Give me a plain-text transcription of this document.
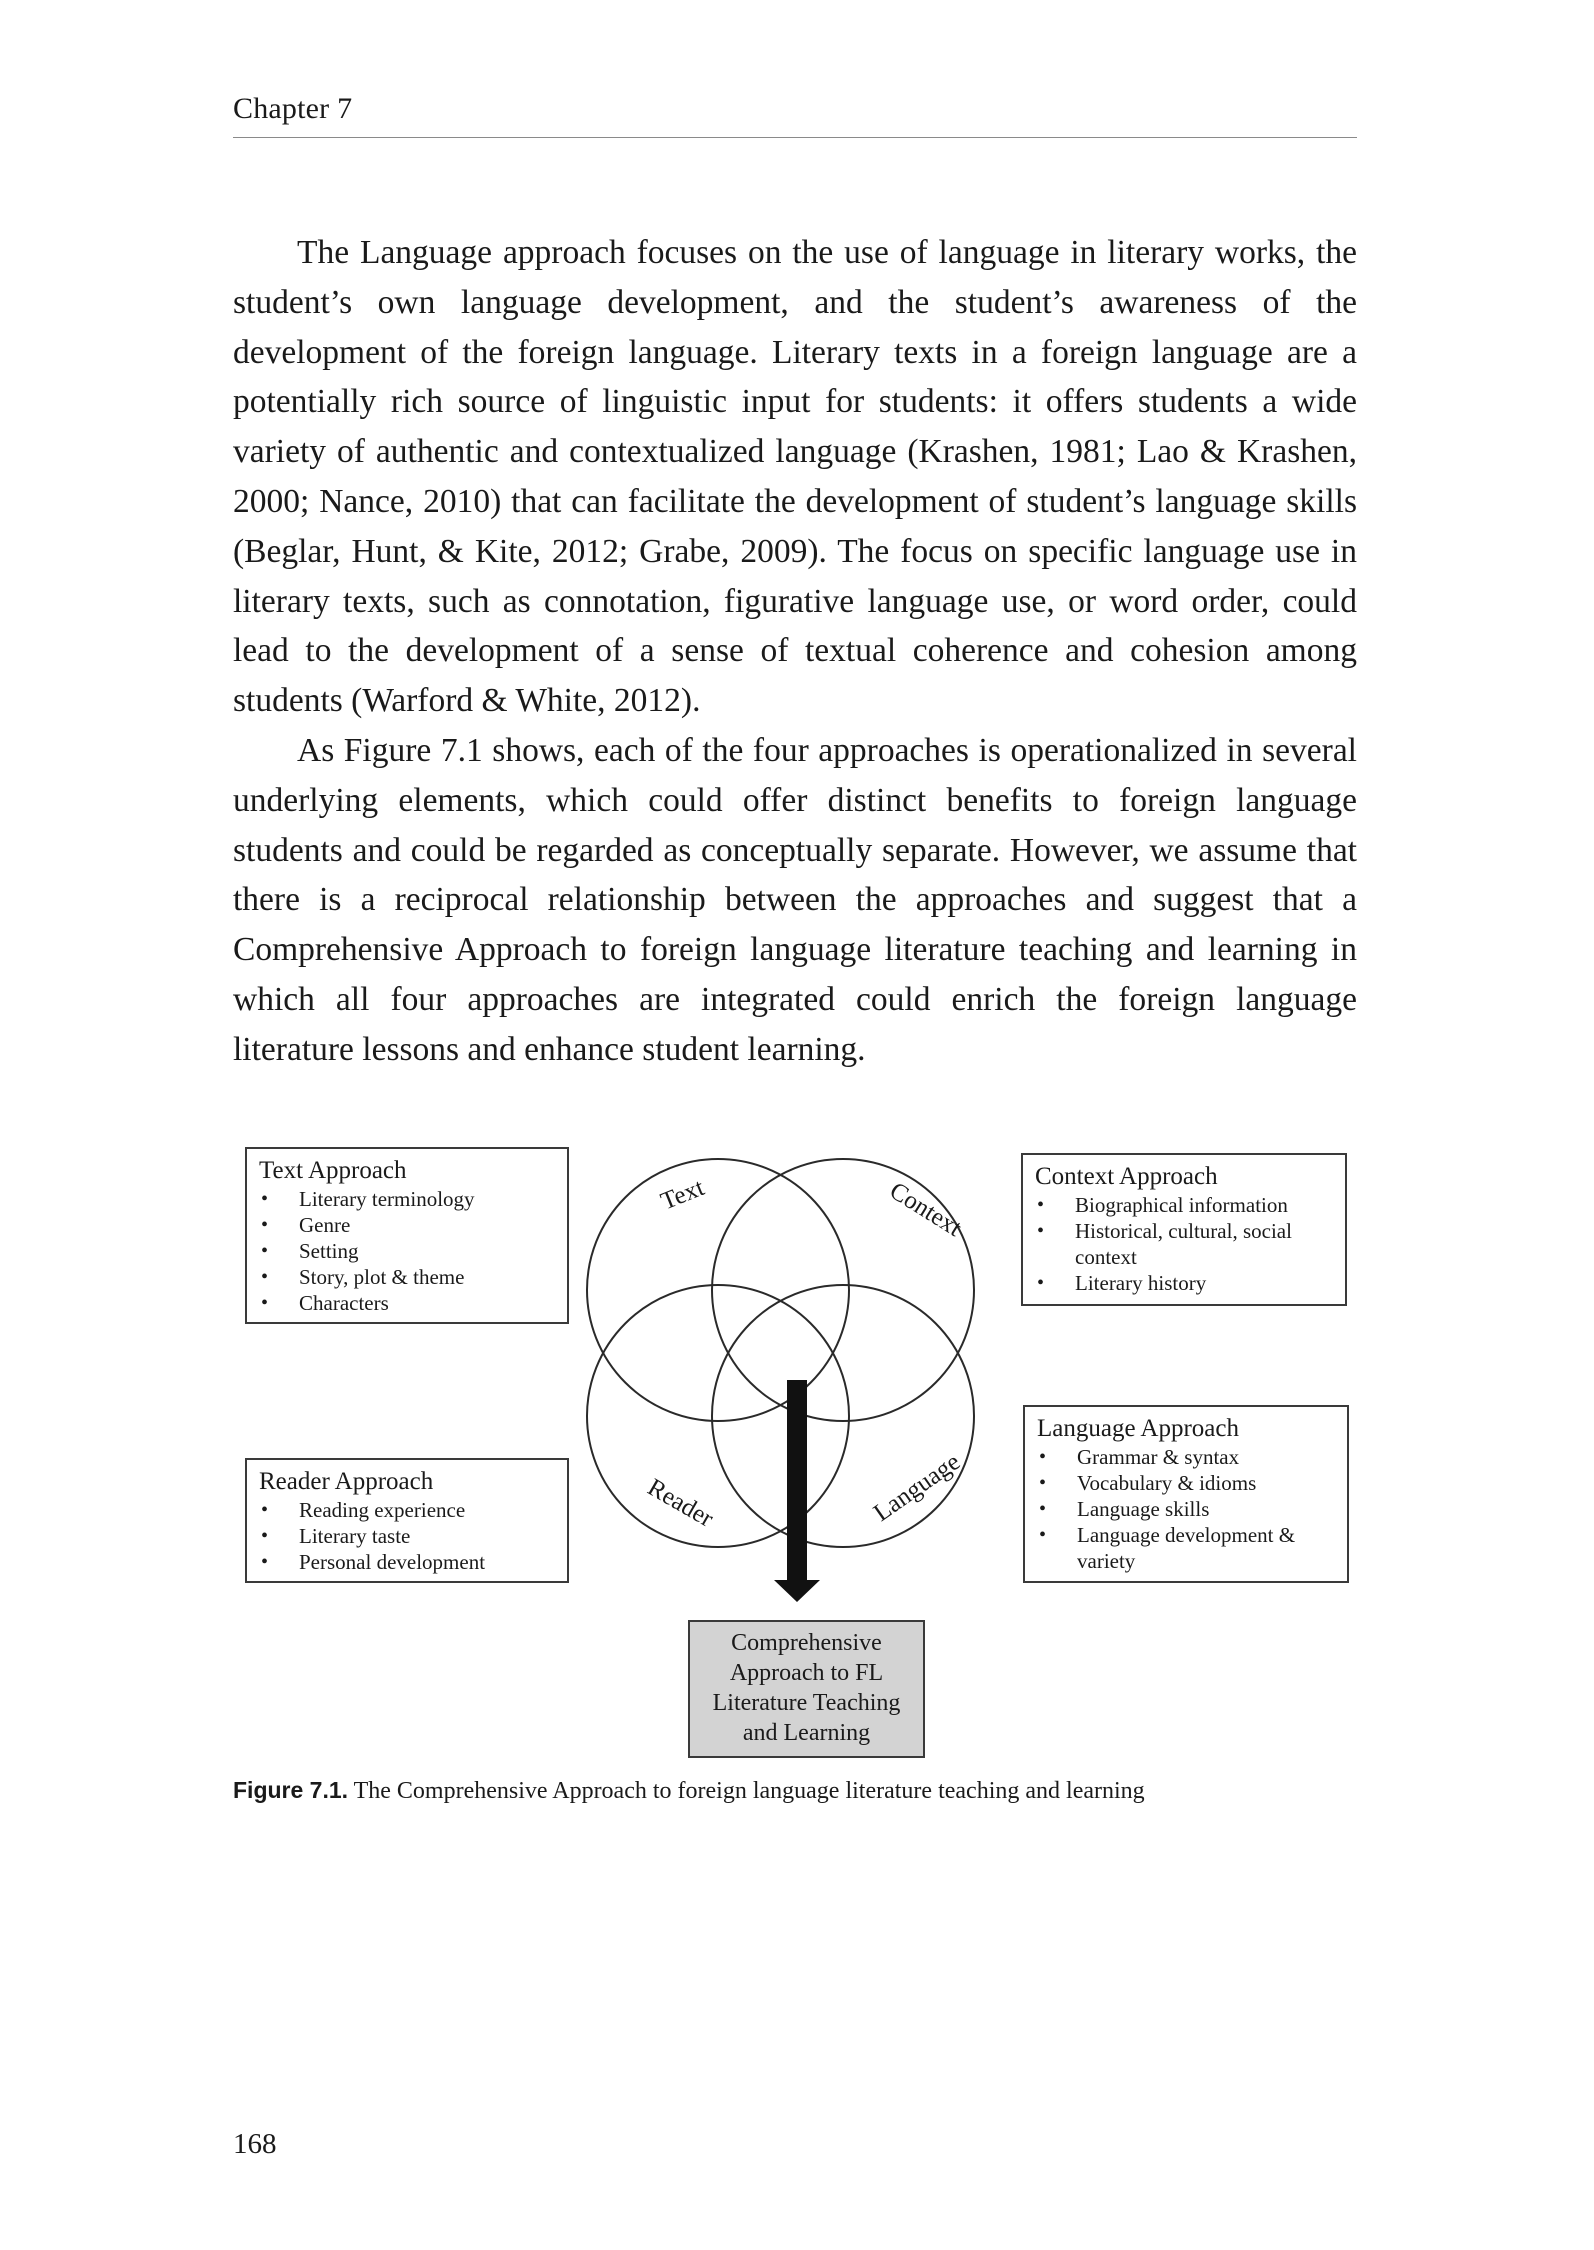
Chapter 7

The Language approach focuses on the use of language in literary works, the student’s own language development, and the student’s awareness of the development of the foreign language. Literary texts in a foreign language are a potentially rich source of linguistic input for students: it offers students a wide variety of authentic and contextualized language (Krashen, 1981; Lao & Krashen, 2000; Nance, 2010) that can facilitate the development of student’s language skills (Beglar, Hunt, & Kite, 2012; Grabe, 2009). The focus on specific language use in literary texts, such as connotation, figurative language use, or word order, could lead to the development of a sense of textual coherence and cohesion among students (Warford & White, 2012).

As Figure 7.1 shows, each of the four approaches is operationalized in several underlying elements, which could offer distinct benefits to foreign language students and could be regarded as conceptually separate. However, we assume that there is a reciprocal relationship between the approaches and suggest that a Comprehensive Approach to foreign language literature teaching and learning in which all four approaches are integrated could enrich the foreign language literature lessons and enhance student learning.

Text	Context
Reader	Language
Text Approach
• Literary terminology
• Genre
• Setting
• Story, plot & theme
• Characters
Context Approach
• Biographical information
• Historical, cultural, social context
• Literary history
Reader Approach
• Reading experience
• Literary taste
• Personal development
Language Approach
• Grammar & syntax
• Vocabulary & idioms
• Language skills
• Language development & variety
Comprehensive
Approach to FL
Literature Teaching
and Learning
Figure 7.1. The Comprehensive Approach to foreign language literature teaching and learning
168
